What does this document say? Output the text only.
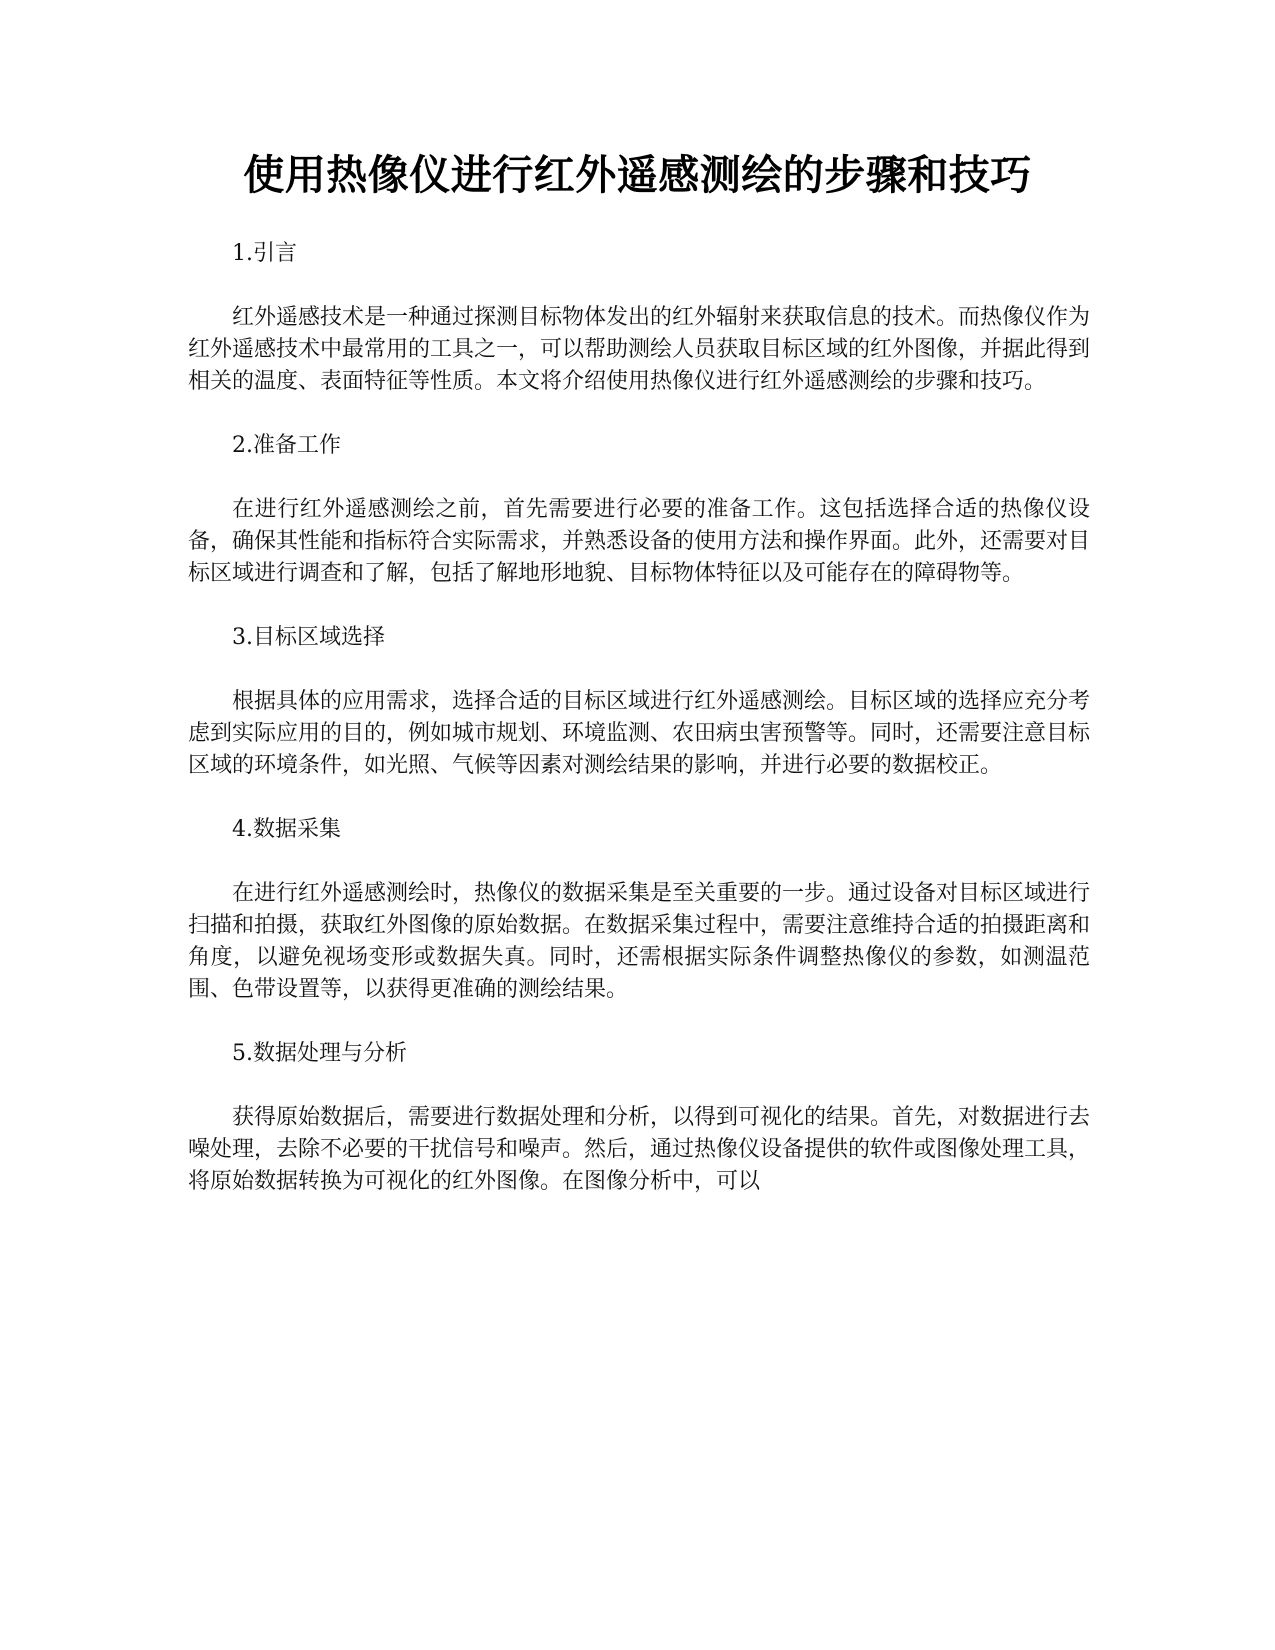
使用热像仪进行红外遥感测绘的步骤和技巧

1.引言

红外遥感技术是一种通过探测目标物体发出的红外辐射来获取信息的技术。而热像仪作为红外遥感技术中最常用的工具之一，可以帮助测绘人员获取目标区域的红外图像，并据此得到相关的温度、表面特征等性质。本文将介绍使用热像仪进行红外遥感测绘的步骤和技巧。

2.准备工作

在进行红外遥感测绘之前，首先需要进行必要的准备工作。这包括选择合适的热像仪设备，确保其性能和指标符合实际需求，并熟悉设备的使用方法和操作界面。此外，还需要对目标区域进行调查和了解，包括了解地形地貌、目标物体特征以及可能存在的障碍物等。

3.目标区域选择

根据具体的应用需求，选择合适的目标区域进行红外遥感测绘。目标区域的选择应充分考虑到实际应用的目的，例如城市规划、环境监测、农田病虫害预警等。同时，还需要注意目标区域的环境条件，如光照、气候等因素对测绘结果的影响，并进行必要的数据校正。

4.数据采集

在进行红外遥感测绘时，热像仪的数据采集是至关重要的一步。通过设备对目标区域进行扫描和拍摄，获取红外图像的原始数据。在数据采集过程中，需要注意维持合适的拍摄距离和角度，以避免视场变形或数据失真。同时，还需根据实际条件调整热像仪的参数，如测温范围、色带设置等，以获得更准确的测绘结果。

5.数据处理与分析

获得原始数据后，需要进行数据处理和分析，以得到可视化的结果。首先，对数据进行去噪处理，去除不必要的干扰信号和噪声。然后，通过热像仪设备提供的软件或图像处理工具，将原始数据转换为可视化的红外图像。在图像分析中，可以
